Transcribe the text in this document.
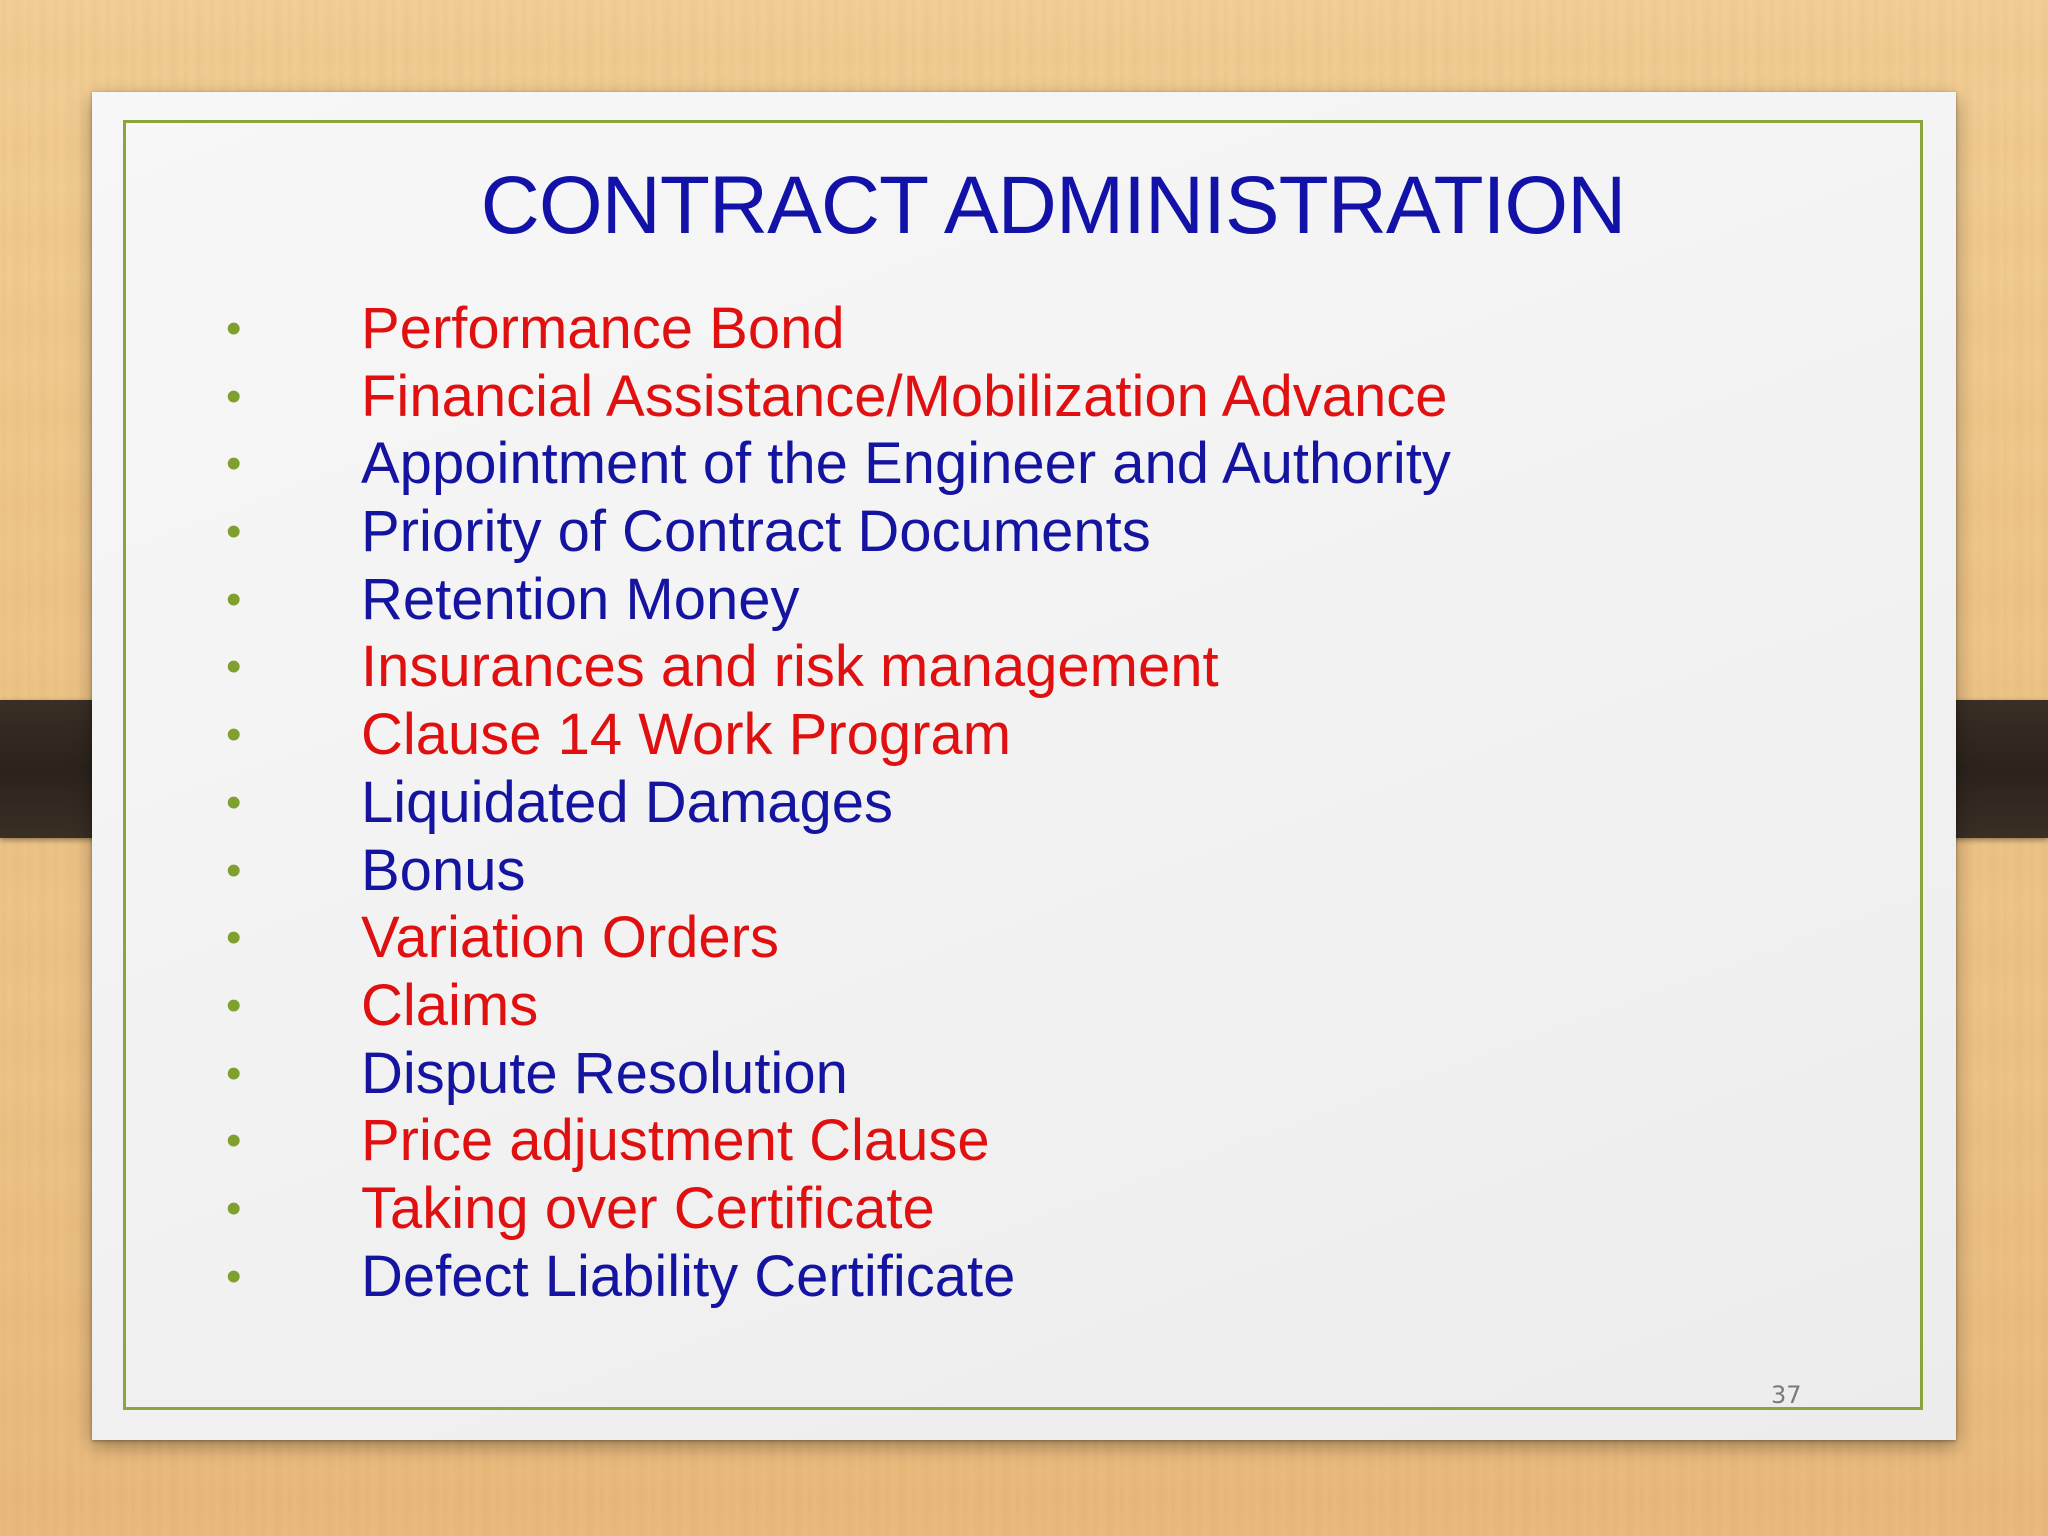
CONTRACT ADMINISTRATION
• Performance Bond
• Financial Assistance/Mobilization Advance
• Appointment of the Engineer and Authority
• Priority of Contract Documents
• Retention Money
• Insurances and risk management
• Clause 14 Work Program
• Liquidated Damages
• Bonus
• Variation Orders
• Claims
• Dispute Resolution
• Price adjustment Clause
• Taking over Certificate
• Defect Liability Certificate
37
